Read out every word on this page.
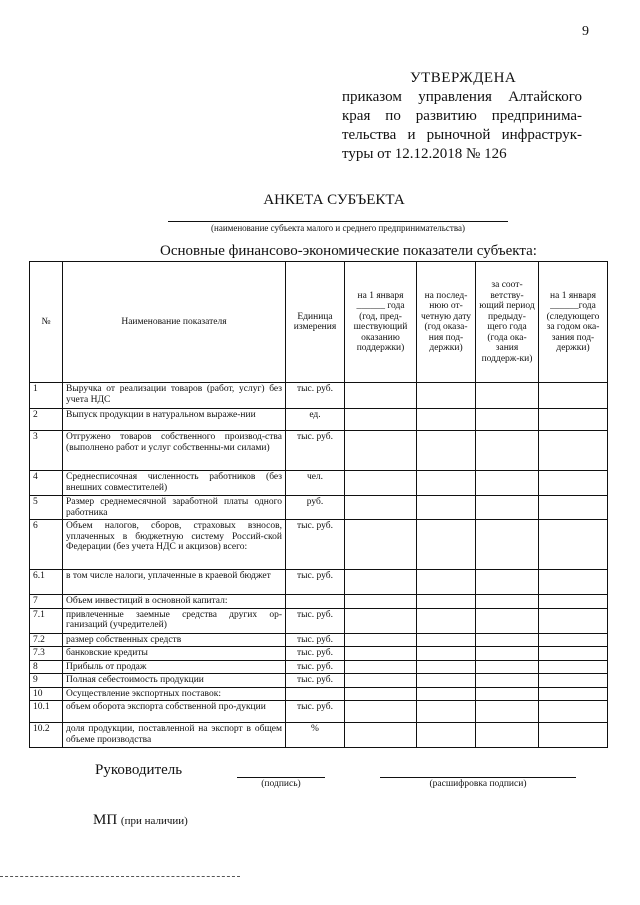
9
УТВЕРЖДЕНА
приказом управления Алтайского
края по развитию предпринима-
тельства и рыночной инфраструк-
туры от 12.12.2018 № 126
АНКЕТА СУБЪЕКТА
(наименование субъекта малого и среднего предпринимательства)
Основные финансово-экономические показатели субъекта:
№	Наименование показателя	Единица измерения	на 1 января ______ года (год, пред-шествующий оказанию поддержки)	на послед-нюю от-четную дату (год оказа-ния под-держки)	за соот-ветству-ющий период предыду-щего года (года ока-зания поддерж-ки)	на 1 января ______года (следующего за годом ока-зания под-держки)
1	Выручка от реализации товаров (работ, услуг) без учета НДС	тыс. руб.				
2	Выпуск продукции в натуральном выраже-нии	ед.				
3	Отгружено товаров собственного производ-ства (выполнено работ и услуг собственны-ми силами)	тыс. руб.				
4	Среднесписочная численность работников (без внешних совместителей)	чел.				
5	Размер среднемесячной заработной платы одного работника	руб.				
6	Объем налогов, сборов, страховых взносов, уплаченных в бюджетную систему Россий-ской Федерации (без учета НДС и акцизов) всего:	тыс. руб.				
6.1	в том числе налоги, уплаченные в краевой бюджет	тыс. руб.				
7	Объем инвестиций в основной капитал:					
7.1	привлеченные заемные средства других ор-ганизаций (учредителей)	тыс. руб.				
7.2	размер собственных средств	тыс. руб.				
7.3	банковские кредиты	тыс. руб.				
8	Прибыль от продаж	тыс. руб.				
9	Полная себестоимость продукции	тыс. руб.				
10	Осуществление экспортных поставок:					
10.1	объем оборота экспорта собственной про-дукции	тыс. руб.				
10.2	доля продукции, поставленной на экспорт в общем объеме производства	%				
Руководитель
(подпись)	(расшифровка подписи)
МП (при наличии)
